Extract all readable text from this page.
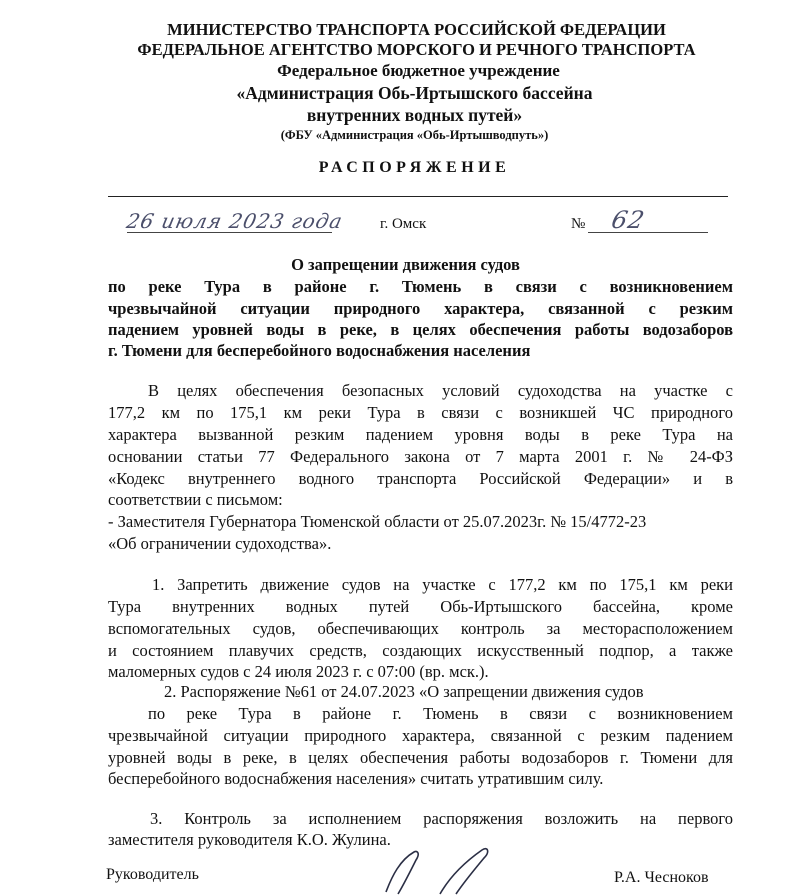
МИНИСТЕРСТВО ТРАНСПОРТА РОССИЙСКОЙ ФЕДЕРАЦИИ
ФЕДЕРАЛЬНОЕ АГЕНТСТВО МОРСКОГО И РЕЧНОГО ТРАНСПОРТА
Федеральное бюджетное учреждение
«Администрация Обь-Иртышского бассейна
внутренних водных путей»
(ФБУ «Администрация «Обь-Иртышводпуть»)
РАСПОРЯЖЕНИЕ
26 июля 2023 года г. Омск	№ 62
О запрещении движения судов
по реке Тура в районе г. Тюмень в связи с возникновением
чрезвычайной ситуации природного характера, связанной с резким
падением уровней воды в реке, в целях обеспечения работы водозаборов
г. Тюмени для бесперебойного водоснабжения населения
В целях обеспечения безопасных условий судоходства на участке с
177,2 км по 175,1 км реки Тура в связи с возникшей ЧС природного
характера вызванной резким падением уровня воды в реке Тура на
основании статьи 77 Федерального закона от 7 марта 2001 г. № 24-ФЗ
«Кодекс внутреннего водного транспорта Российской Федерации» и в
соответствии с письмом:
- Заместителя Губернатора Тюменской области от 25.07.2023г. № 15/4772-23
«Об ограничении судоходства».
1. Запретить движение судов на участке с 177,2 км по 175,1 км реки
Тура внутренних водных путей Обь-Иртышского бассейна, кроме
вспомогательных судов, обеспечивающих контроль за месторасположением
и состоянием плавучих средств, создающих искусственный подпор, а также
маломерных судов с 24 июля 2023 г. с 07:00 (вр. мск.).
2. Распоряжение №61 от 24.07.2023 «О запрещении движения судов
по реке Тура в районе г. Тюмень в связи с возникновением
чрезвычайной ситуации природного характера, связанной с резким падением
уровней воды в реке, в целях обеспечения работы водозаборов г. Тюмени для
бесперебойного водоснабжения населения» считать утратившим силу.
3. Контроль за исполнением распоряжения возложить на первого
заместителя руководителя К.О. Жулина.
Руководитель	Р.А. Чесноков
